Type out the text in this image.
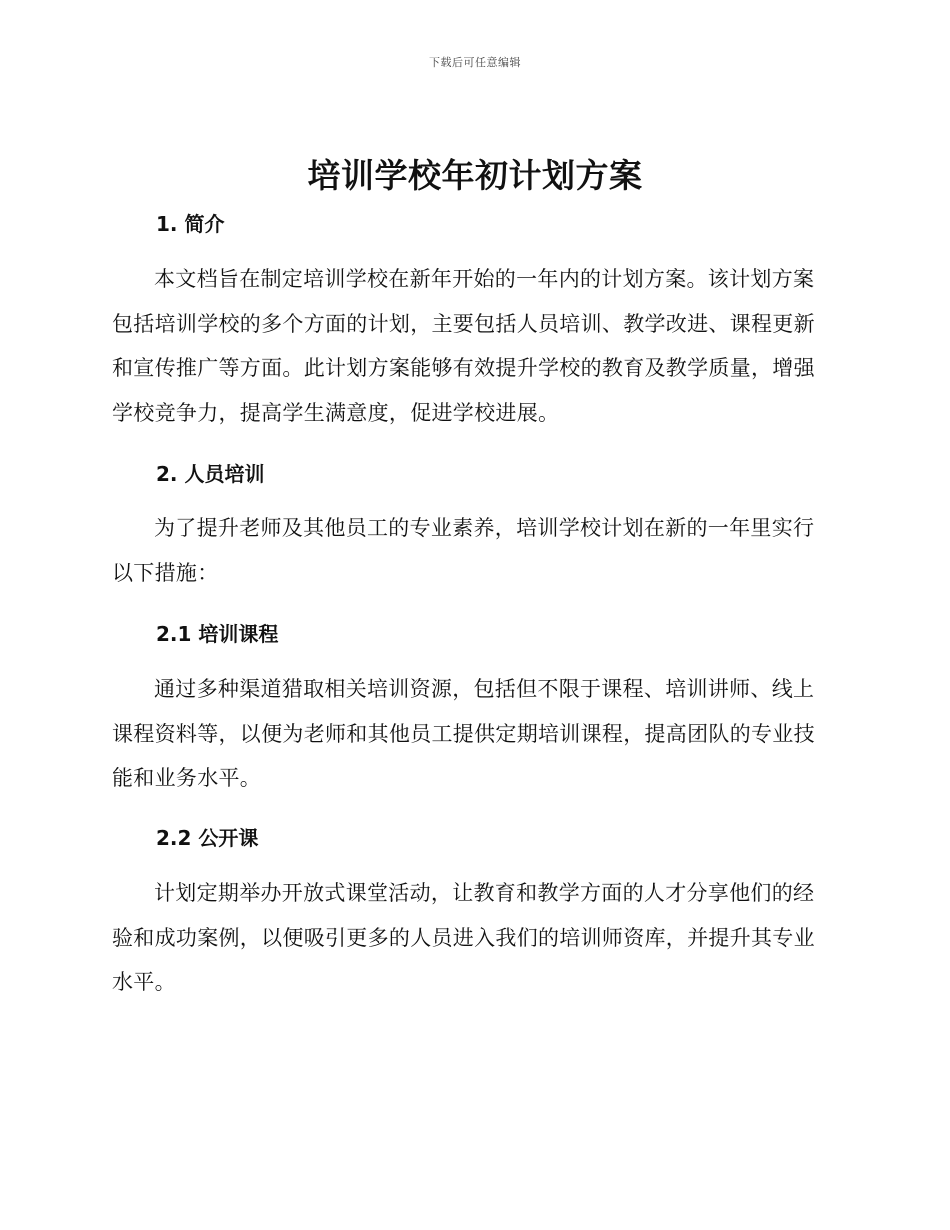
下载后可任意编辑
培训学校年初计划方案
1. 简介

本文档旨在制定培训学校在新年开始的一年内的计划方案。该计划方案包括培训学校的多个方面的计划，主要包括人员培训、教学改进、课程更新和宣传推广等方面。此计划方案能够有效提升学校的教育及教学质量，增强学校竞争力，提高学生满意度，促进学校进展。

2. 人员培训

为了提升老师及其他员工的专业素养，培训学校计划在新的一年里实行以下措施：

2.1 培训课程

通过多种渠道猎取相关培训资源，包括但不限于课程、培训讲师、线上课程资料等，以便为老师和其他员工提供定期培训课程，提高团队的专业技能和业务水平。

2.2 公开课

计划定期举办开放式课堂活动，让教育和教学方面的人才分享他们的经验和成功案例，以便吸引更多的人员进入我们的培训师资库，并提升其专业水平。
